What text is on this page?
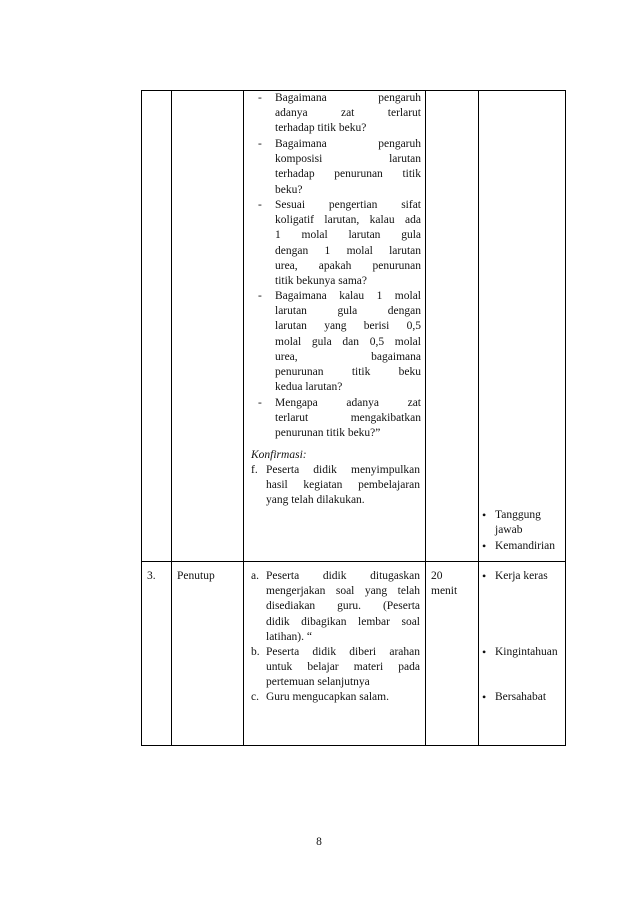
- Bagaimana pengaruh
adanya zat terlarut
terhadap titik beku?
- Bagaimana pengaruh
komposisi larutan
terhadap penurunan titik
beku?
- Sesuai pengertian sifat
koligatif larutan, kalau ada
1 molal larutan gula
dengan 1 molal larutan
urea, apakah penurunan
titik bekunya sama?
- Bagaimana kalau 1 molal
larutan gula dengan
larutan yang berisi 0,5
molal gula dan 0,5 molal
urea, bagaimana
penurunan titik beku
kedua larutan?
- Mengapa adanya zat
terlarut mengakibatkan
penurunan titik beku?”
Konfirmasi:
f. Peserta didik menyimpulkan
hasil kegiatan pembelajaran
yang telah dilakukan.
• Tanggung
jawab
• Kemandirian
3. Penutup	a. Peserta didik ditugaskan
mengerjakan soal yang telah
disediakan guru. (Peserta
didik dibagikan lembar soal
latihan). “
b. Peserta didik diberi arahan
untuk belajar materi pada
pertemuan selanjutnya
c. Guru mengucapkan salam.
20
menit
• Kerja keras
• Kingintahuan
• Bersahabat
8
